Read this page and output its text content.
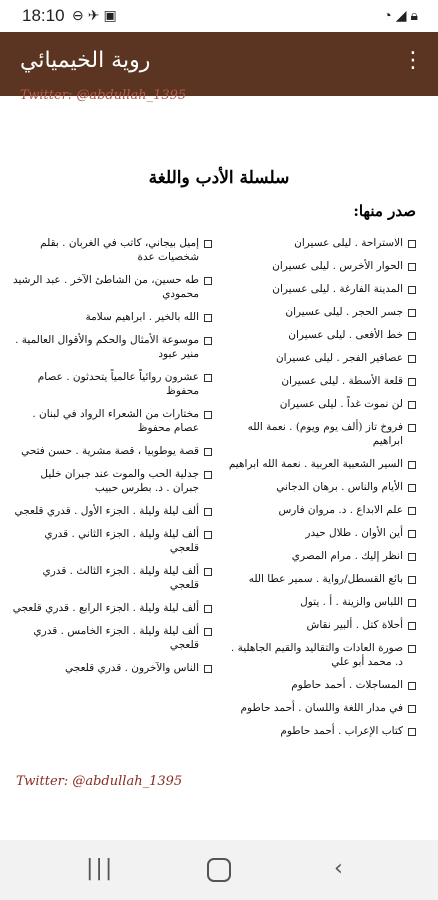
18:10 ⊖✈▣	◔◢🔒︎
روية الخيميائي	⋮
Twitter: @abdullah_1395
سلسلة الأدب واللغة
صدر منها:
الاستراحة . ليلى عسيران
الحوار الأخرس . ليلى عسيران
المدينة الفارغة . ليلى عسيران
جسر الحجر . ليلى عسيران
خط الأفعى . ليلى عسيران
عصافير الفجر . ليلى عسيران
قلعة الأسطة . ليلى عسيران
لن نموت غداً . ليلى عسيران
فروخ تاز (ألف يوم ويوم) . نعمة الله ابراهيم
السير الشعبية العربية . نعمة الله ابراهيم
الأيام والناس . برهان الدجاني
علم الابداع . د. مروان فارس
أين الأوان . طلال حيدر
انظر إليك . مرام المصري
بائع القسطل/رواية . سمير عطا الله
اللباس والزينة . أ . يتول
أحلاة كتل . ألبير نقاش
صورة العادات والتقاليد والقيم الجاهلية . د. محمد أبو علي
المساجلات . أحمد حاطوم
في مدار اللغة واللسان . أحمد حاطوم
كتاب الإعراب . أحمد حاطوم
إميل بيجاني، كاتب في الغربان . بقلم شخصيات عدة
طه حسين، من الشاطئ الآخر . عبد الرشيد محمودي
الله بالخير . ابراهيم سلامة
موسوعة الأمثال والحكم والأقوال العالمية . منير عبود
عشرون روائياً عالمياً يتحدثون . عصام محفوظ
مختارات من الشعراء الرواد في لبنان . عصام محفوظ
قصة يوطوبيا ، قصة مشرية . حسن فتحي
جدلية الحب والموت عند جبران خليل جبران . د. بطرس حبيب
ألف ليلة وليلة . الجزء الأول . قدري قلعجي
ألف ليلة وليلة . الجزء الثاني . قدري قلعجي
ألف ليلة وليلة . الجزء الثالث . قدري قلعجي
ألف ليلة وليلة . الجزء الرابع . قدري قلعجي
ألف ليلة وليلة . الجزء الخامس . قدري قلعجي
الناس والآخرون . قدري قلعجي
Twitter: @abdullah_1395
|||	‹
